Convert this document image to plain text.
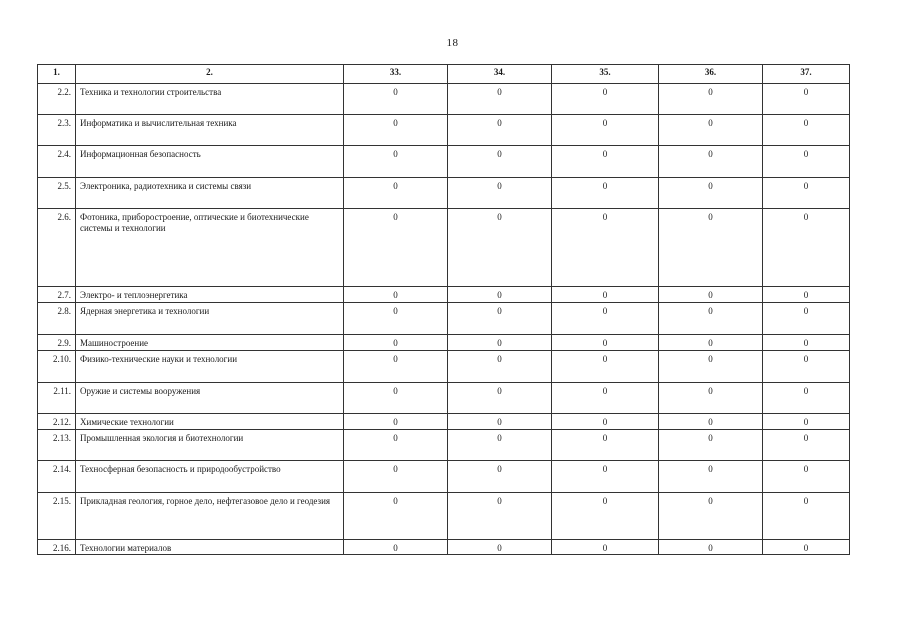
18
1.	2.	33.	34.	35.	36.	37.
2.2.	Техника и технологии строительства	0	0	0	0	0
2.3.	Информатика и вычислительная техника	0	0	0	0	0
2.4.	Информационная безопасность	0	0	0	0	0
2.5.	Электроника, радиотехника и системы связи	0	0	0	0	0
2.6.	Фотоника, приборостроение, оптические и биотехнические системы и технологии	0	0	0	0	0
2.7.	Электро- и теплоэнергетика	0	0	0	0	0
2.8.	Ядерная энергетика и технологии	0	0	0	0	0
2.9.	Машиностроение	0	0	0	0	0
2.10.	Физико-технические науки и технологии	0	0	0	0	0
2.11.	Оружие и системы вооружения	0	0	0	0	0
2.12.	Химические технологии	0	0	0	0	0
2.13.	Промышленная экология и биотехнологии	0	0	0	0	0
2.14.	Техносферная безопасность и природообустройство	0	0	0	0	0
2.15.	Прикладная геология, горное дело, нефтегазовое дело и геодезия	0	0	0	0	0
2.16.	Технологии материалов	0	0	0	0	0
